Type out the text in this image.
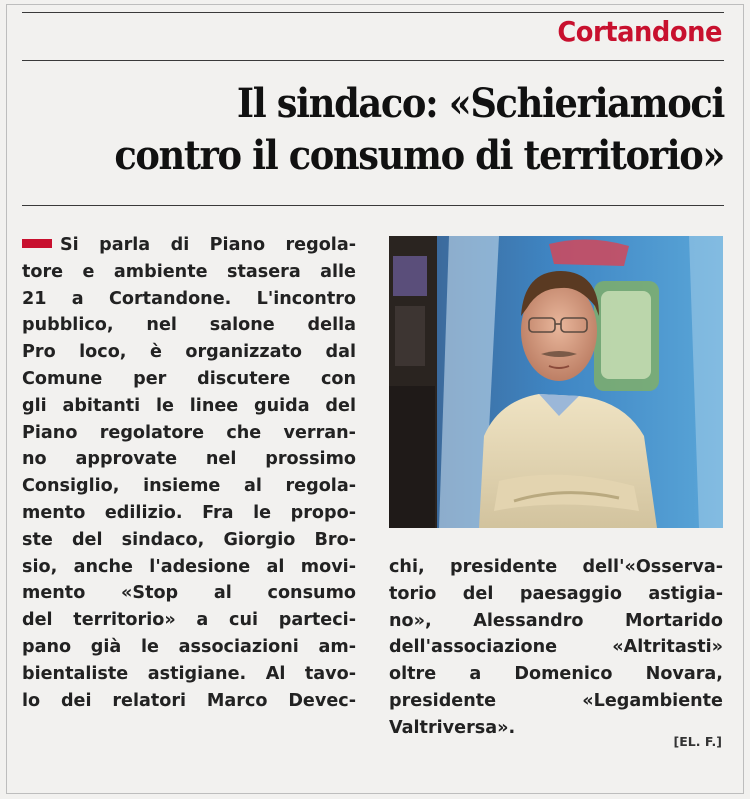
Cortandone
Il sindaco: «Schieriamoci
contro il consumo di territorio»
Si parla di Piano regola-
tore e ambiente stasera alle
21 a Cortandone. L'incontro
pubblico, nel salone della
Pro loco, è organizzato dal
Comune per discutere con
gli abitanti le linee guida del
Piano regolatore che verran-
no approvate nel prossimo
Consiglio, insieme al regola-
mento edilizio. Fra le propo-
ste del sindaco, Giorgio Bro-
sio, anche l'adesione al movi-
mento «Stop al consumo
del territorio» a cui parteci-
pano già le associazioni am-
bientaliste astigiane. Al tavo-
lo dei relatori Marco Devec-
chi, presidente dell'«Osserva-
torio del paesaggio astigia-
no», Alessandro Mortarido
dell'associazione «Altritasti»
oltre a Domenico Novara,
presidente «Legambiente
Valtriversa».
[EL. F.]
